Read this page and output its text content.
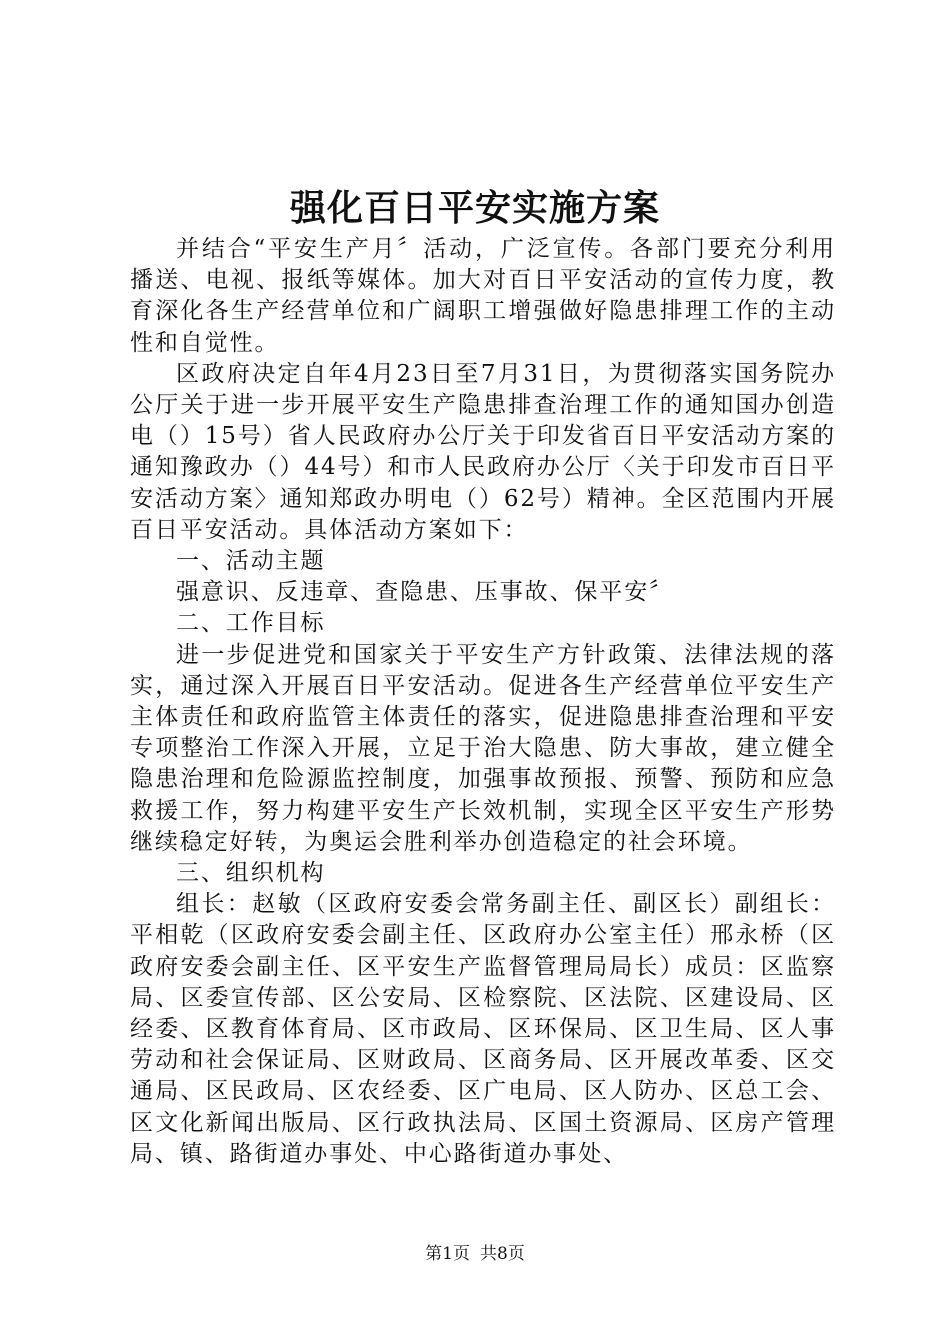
强化百日平安实施方案

并结合“平安生产月〞活动，广泛宣传。各部门要充分利用播送、电视、报纸等媒体。加大对百日平安活动的宣传力度，教育深化各生产经营单位和广阔职工增强做好隐患排理工作的主动性和自觉性。

区政府决定自年4月23日至7月31日，为贯彻落实国务院办公厅关于进一步开展平安生产隐患排查治理工作的通知国办创造电（）15号）省人民政府办公厅关于印发省百日平安活动方案的通知豫政办（）44号）和市人民政府办公厅〈关于印发市百日平安活动方案〉通知郑政办明电（）62号）精神。全区范围内开展百日平安活动。具体活动方案如下：

一、活动主题

强意识、反违章、查隐患、压事故、保平安〞

二、工作目标

进一步促进党和国家关于平安生产方针政策、法律法规的落实，通过深入开展百日平安活动。促进各生产经营单位平安生产主体责任和政府监管主体责任的落实，促进隐患排查治理和平安专项整治工作深入开展，立足于治大隐患、防大事故，建立健全隐患治理和危险源监控制度，加强事故预报、预警、预防和应急救援工作，努力构建平安生产长效机制，实现全区平安生产形势继续稳定好转，为奥运会胜利举办创造稳定的社会环境。

三、组织机构

组长：赵敏（区政府安委会常务副主任、副区长）副组长：平相乾（区政府安委会副主任、区政府办公室主任）邢永桥（区政府安委会副主任、区平安生产监督管理局局长）成员：区监察局、区委宣传部、区公安局、区检察院、区法院、区建设局、区经委、区教育体育局、区市政局、区环保局、区卫生局、区人事劳动和社会保证局、区财政局、区商务局、区开展改革委、区交通局、区民政局、区农经委、区广电局、区人防办、区总工会、区文化新闻出版局、区行政执法局、区国土资源局、区房产管理局、镇、路街道办事处、中心路街道办事处、

第1页 共8页
